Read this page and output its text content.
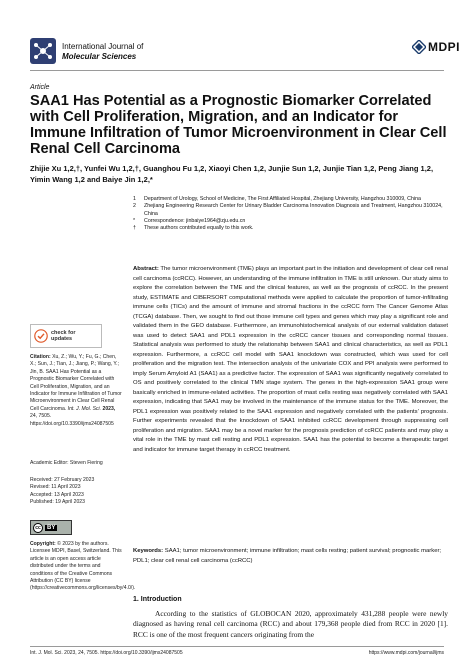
International Journal of
Molecular Sciences
MDPI
Article
SAA1 Has Potential as a Prognostic Biomarker Correlated with Cell Proliferation, Migration, and an Indicator for Immune Infiltration of Tumor Microenvironment in Clear Cell Renal Cell Carcinoma
Zhijie Xu 1,2,†, Yunfei Wu 1,2,†, Guanghou Fu 1,2, Xiaoyi Chen 1,2, Junjie Sun 1,2, Junjie Tian 1,2, Peng Jiang 1,2,
Yimin Wang 1,2 and Baiye Jin 1,2,*
1	Department of Urology, School of Medicine, The First Affiliated Hospital, Zhejiang University, Hangzhou 310009, China
2	Zhejiang Engineering Research Center for Urinary Bladder Carcinoma Innovation Diagnosis and Treatment, Hangzhou 310024, China
*	Correspondence: jinbaiye1964@zju.edu.cn
†	These authors contributed equally to this work.

Abstract: The tumor microenvironment (TME) plays an important part in the initiation and development of clear cell renal cell carcinoma (ccRCC). However, an understanding of the immune infiltration in TME is still unknown. Our study aims to explore the correlation between the TME and the clinical features, as well as the prognosis of ccRCC. In the present study, ESTIMATE and CIBERSORT computational methods were applied to calculate the proportion of tumor-infiltrating immune cells (TICs) and the amount of immune and stromal fractions in the ccRCC form The Cancer Genome Atlas (TCGA) database. Then, we sought to find out those immune cell types and genes which may play a significant role and validated them in the GEO database. Furthermore, an immunohistochemical analysis of our external validation dataset was used to detect SAA1 and PDL1 expression in the ccRCC cancer tissues and corresponding normal tissues. Statistical analysis was performed to study the relationship between SAA1 and clinical characteristics, as well as PDL1 expression. Furthermore, a ccRCC cell model with SAA1 knockdown was constructed, which was used for cell proliferation and the migration test. The intersection analysis of the univariate COX and PPI analysis were performed to imply Serum Amyloid A1 (SAA1) as a predictive factor. The expression of SAA1 was significantly negatively correlated to OS and positively correlated to the clinical TMN stage system. The genes in the high-expression SAA1 group were basically enriched in immune-related activities. The proportion of mast cells resting was negatively correlated with SAA1 expression, indicating that SAA1 may be involved in the maintenance of the immune status for the TME. Moreover, the PDL1 expression was positively related to the SAA1 expression and negatively correlated with the patients’ prognosis. Further experiments revealed that the knockdown of SAA1 inhibited ccRCC development through suppressing cell proliferation and migration. SAA1 may be a novel marker for the prognosis prediction of ccRCC patients and may play a vital role in the TME by mast cell resting and PDL1 expression. SAA1 has the potential to become a therapeutic target and indicator for immune target therapy in ccRCC treatment.

Keywords: SAA1; tumor microenvironment; immune infiltration; mast cells resting; patient survival; prognostic marker; PDL1; clear cell renal cell carcinoma (ccRCC)

check for
updates

Citation: Xu, Z.; Wu, Y.; Fu, G.; Chen, X.; Sun, J.; Tian, J.; Jiang, P.; Wang, Y.; Jin, B. SAA1 Has Potential as a Prognostic Biomarker Correlated with Cell Proliferation, Migration, and an Indicator for Immune Infiltration of Tumor Microenvironment in Clear Cell Renal Cell Carcinoma. Int. J. Mol. Sci. 2023, 24, 7505. https://doi.org/10.3390/ijms24087505

Academic Editor: Steven Fiering

Received: 27 February 2023

Revised: 11 April 2023

Accepted: 13 April 2023

Published: 19 April 2023

cc	BY

Copyright: © 2023 by the authors. Licensee MDPI, Basel, Switzerland. This article is an open access article distributed under the terms and conditions of the Creative Commons Attribution (CC BY) license (https://creativecommons.org/licenses/by/4.0/).

1. Introduction

According to the statistics of GLOBOCAN 2020, approximately 431,288 people were newly diagnosed as having renal cell carcinoma (RCC) and about 179,368 people died from RCC in 2020 [1]. RCC is one of the most frequent cancers originating from the

Int. J. Mol. Sci. 2023, 24, 7505. https://doi.org/10.3390/ijms24087505	https://www.mdpi.com/journal/ijms
